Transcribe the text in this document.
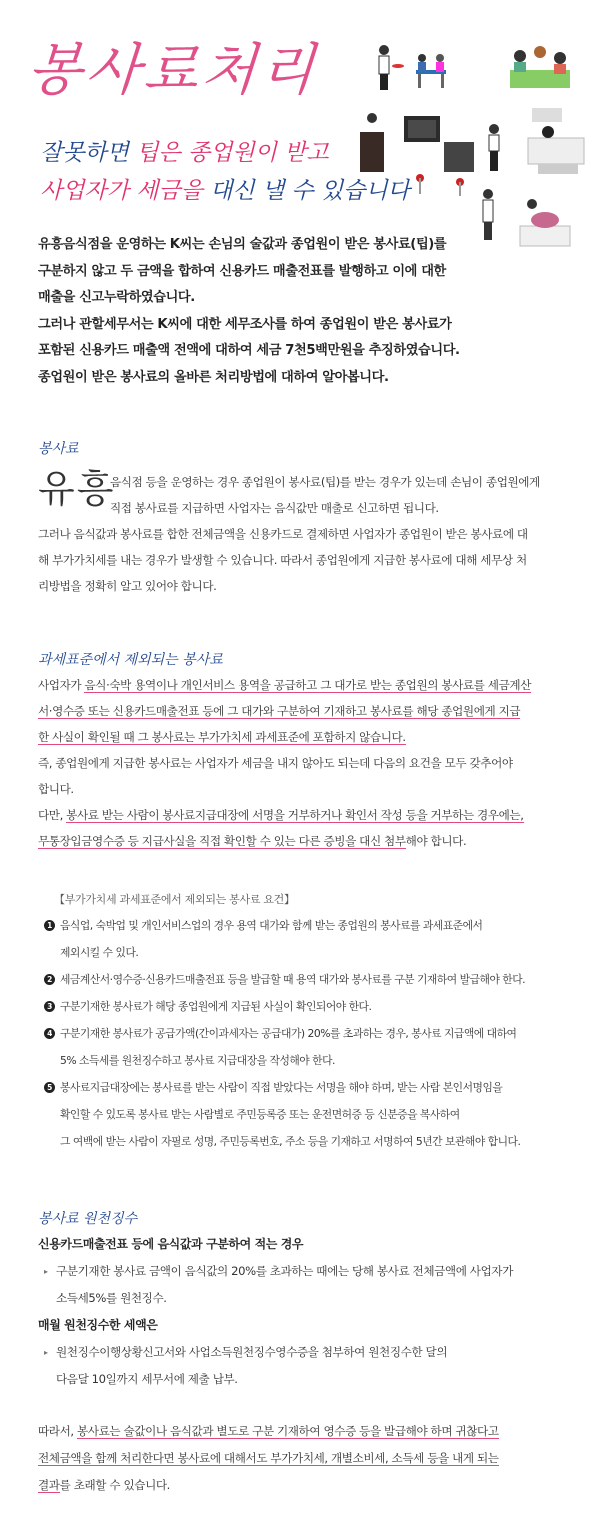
봉사료처리
잘못하면 팁은 종업원이 받고
사업자가 세금을 대신 낼 수 있습니다

유흥음식점을 운영하는 K씨는 손님의 술값과 종업원이 받은 봉사료(팁)를

구분하지 않고 두 금액을 합하여 신용카드 매출전표를 발행하고 이에 대한

매출을 신고누락하였습니다.

그러나 관할세무서는 K씨에 대한 세무조사를 하여 종업원이 받은 봉사료가

포함된 신용카드 매출액 전액에 대하여 세금 7천5백만원을 추징하였습니다.

종업원이 받은 봉사료의 올바른 처리방법에 대하여 알아봅니다.

봉사료
유흥

음식점 등을 운영하는 경우 종업원이 봉사료(팁)를 받는 경우가 있는데 손님이 종업원에게

직접 봉사료를 지급하면 사업자는 음식값만 매출로 신고하면 됩니다.

그러나 음식값과 봉사료를 합한 전체금액을 신용카드로 결제하면 사업자가 종업원이 받은 봉사료에 대

해 부가가치세를 내는 경우가 발생할 수 있습니다. 따라서 종업원에게 지급한 봉사료에 대해 세무상 처

리방법을 정확히 알고 있어야 합니다.

과세표준에서 제외되는 봉사료

사업자가 음식·숙박 용역이나 개인서비스 용역을 공급하고 그 대가로 받는 종업원의 봉사료를 세금계산

서·영수증 또는 신용카드매출전표 등에 그 대가와 구분하여 기재하고 봉사료를 해당 종업원에게 지급

한 사실이 확인될 때 그 봉사료는 부가가치세 과세표준에 포함하지 않습니다.

즉, 종업원에게 지급한 봉사료는 사업자가 세금을 내지 않아도 되는데 다음의 요건을 모두 갖추어야

합니다.

다만, 봉사료 받는 사람이 봉사료지급대장에 서명을 거부하거나 확인서 작성 등을 거부하는 경우에는,

무통장입금영수증 등 지급사실을 직접 확인할 수 있는 다른 증빙을 대신 첨부해야 합니다.

【부가가치세 과세표준에서 제외되는 봉사료 요건】
1 음식업, 숙박업 및 개인서비스업의 경우 용역 대가와 함께 받는 종업원의 봉사료를 과세표준에서
제외시킬 수 있다.
2 세금계산서·영수증·신용카드매출전표 등을 발급할 때 용역 대가와 봉사료를 구분 기재하여 발급해야 한다.
3 구분기재한 봉사료가 해당 종업원에게 지급된 사실이 확인되어야 한다.
4 구분기재한 봉사료가 공급가액(간이과세자는 공급대가) 20%를 초과하는 경우, 봉사료 지급액에 대하여
5% 소득세를 원천징수하고 봉사료 지급대장을 작성해야 한다.
5 봉사료지급대장에는 봉사료를 받는 사람이 직접 받았다는 서명을 해야 하며, 받는 사람 본인서명임을
확인할 수 있도록 봉사료 받는 사람별로 주민등록증 또는 운전면허증 등 신분증을 복사하여
그 여백에 받는 사람이 자필로 성명, 주민등록번호, 주소 등을 기재하고 서명하여 5년간 보관해야 합니다.
봉사료 원천징수

신용카드매출전표 등에 음식값과 구분하여 적는 경우

▸ 구분기재한 봉사료 금액이 음식값의 20%를 초과하는 때에는 당해 봉사료 전체금액에 사업자가

소득세5%를 원천징수.

매월 원천징수한 세액은

▸ 원천징수이행상황신고서와 사업소득원천징수영수증을 첨부하여 원천징수한 달의

다음달 10일까지 세무서에 제출 납부.

따라서, 봉사료는 술값이나 음식값과 별도로 구분 기재하여 영수증 등을 발급해야 하며 귀찮다고

전체금액을 함께 처리한다면 봉사료에 대해서도 부가가치세, 개별소비세, 소득세 등을 내게 되는

결과를 초래할 수 있습니다.
